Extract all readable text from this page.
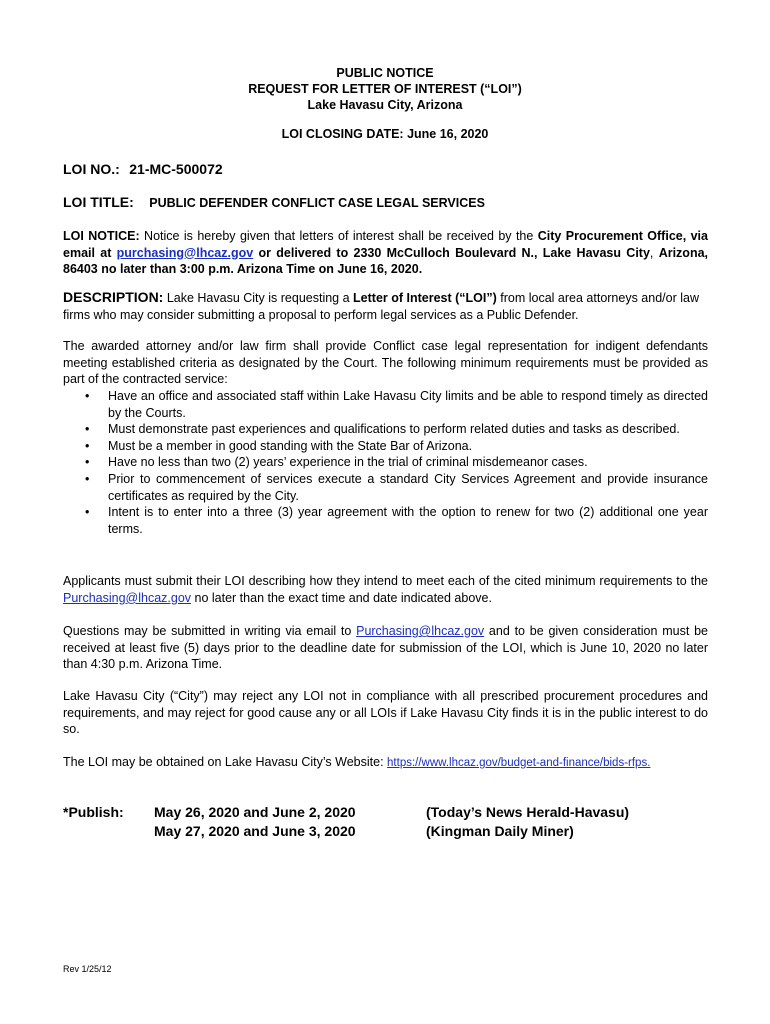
PUBLIC NOTICE
REQUEST FOR LETTER OF INTEREST (“LOI”)
Lake Havasu City, Arizona
LOI CLOSING DATE: June 16, 2020
LOI NO.: 21-MC-500072
LOI TITLE: PUBLIC DEFENDER CONFLICT CASE LEGAL SERVICES
LOI NOTICE: Notice is hereby given that letters of interest shall be received by the City Procurement Office, via email at purchasing@lhcaz.gov or delivered to 2330 McCulloch Boulevard N., Lake Havasu City, Arizona, 86403 no later than 3:00 p.m. Arizona Time on June 16, 2020.
DESCRIPTION: Lake Havasu City is requesting a Letter of Interest (“LOI”) from local area attorneys and/or law firms who may consider submitting a proposal to perform legal services as a Public Defender.
The awarded attorney and/or law firm shall provide Conflict case legal representation for indigent defendants meeting established criteria as designated by the Court. The following minimum requirements must be provided as part of the contracted service:
• Have an office and associated staff within Lake Havasu City limits and be able to respond timely as directed by the Courts.
• Must demonstrate past experiences and qualifications to perform related duties and tasks as described.
• Must be a member in good standing with the State Bar of Arizona.
• Have no less than two (2) years’ experience in the trial of criminal misdemeanor cases.
• Prior to commencement of services execute a standard City Services Agreement and provide insurance certificates as required by the City.
• Intent is to enter into a three (3) year agreement with the option to renew for two (2) additional one year terms.
Applicants must submit their LOI describing how they intend to meet each of the cited minimum requirements to the Purchasing@lhcaz.gov no later than the exact time and date indicated above.
Questions may be submitted in writing via email to Purchasing@lhcaz.gov and to be given consideration must be received at least five (5) days prior to the deadline date for submission of the LOI, which is June 10, 2020 no later than 4:30 p.m. Arizona Time.
Lake Havasu City (“City”) may reject any LOI not in compliance with all prescribed procurement procedures and requirements, and may reject for good cause any or all LOIs if Lake Havasu City finds it is in the public interest to do so.
The LOI may be obtained on Lake Havasu City’s Website: https://www.lhcaz.gov/budget-and-finance/bids-rfps.
*Publish: May 26, 2020 and June 2, 2020
May 27, 2020 and June 3, 2020
(Today’s News Herald-Havasu)
(Kingman Daily Miner)
Rev 1/25/12
